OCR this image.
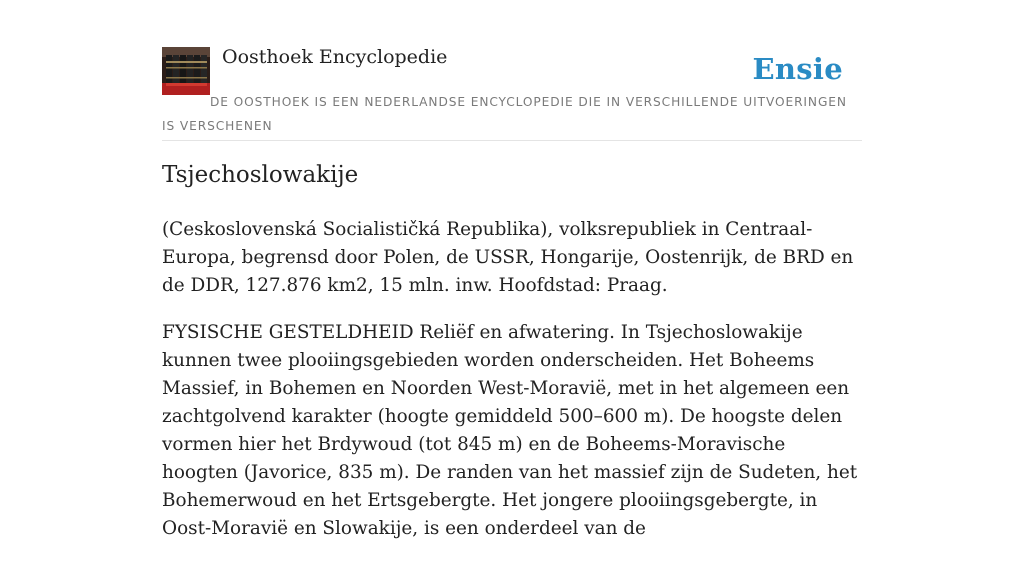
Oosthoek Encyclopedie	Ensie
DE OOSTHOEK IS EEN NEDERLANDSE ENCYCLOPEDIE DIE IN VERSCHILLENDE UITVOERINGEN IS VERSCHENEN
Tsjechoslowakije

(Ceskoslovenská Socialističká Republika), volksrepubliek in Centraal-Europa, begrensd door Polen, de USSR, Hongarije, Oostenrijk, de BRD en de DDR, 127.876 km2, 15 mln. inw. Hoofdstad: Praag.

FYSISCHE GESTELDHEID Reliëf en afwatering. In Tsjechoslowakije kunnen twee plooiingsgebieden worden onderscheiden. Het Boheems Massief, in Bohemen en Noorden West-Moravië, met in het algemeen een zachtgolvend karakter (hoogte gemiddeld 500–600 m). De hoogste delen vormen hier het Brdywoud (tot 845 m) en de Boheems-Moravische hoogten (Javorice, 835 m). De randen van het massief zijn de Sudeten, het Bohemerwoud en het Ertsgebergte. Het jongere plooiingsgebergte, in Oost-Moravië en Slowakije, is een onderdeel van de
